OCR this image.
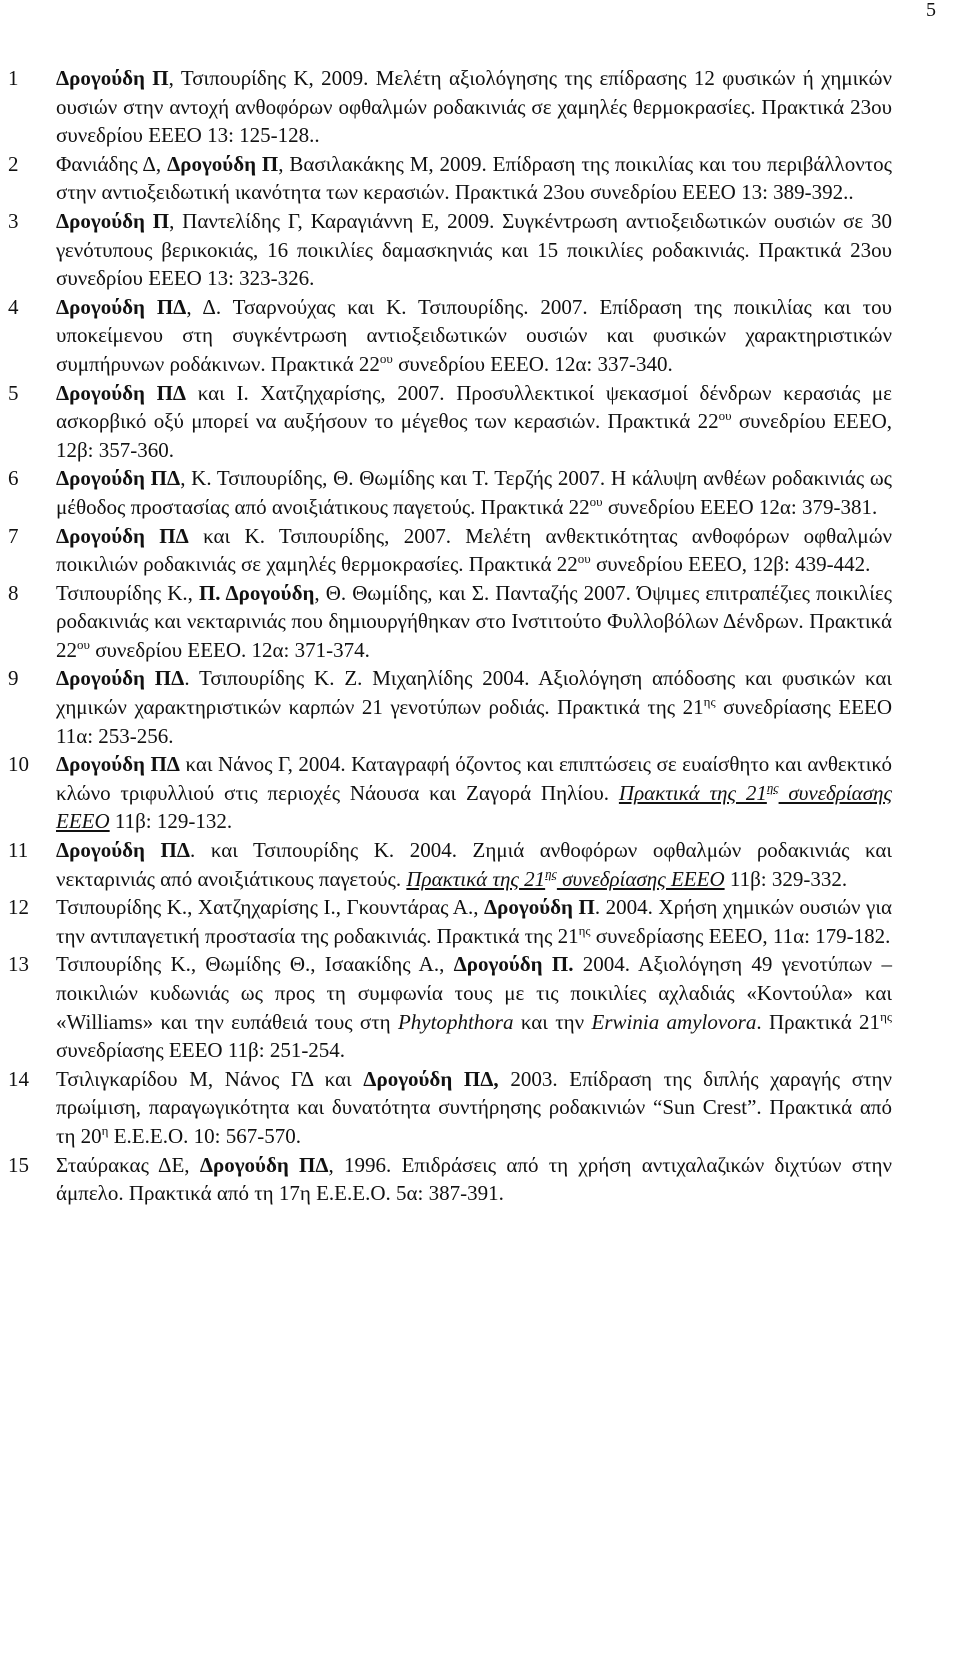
5
1	Δρογούδη Π, Τσιπουρίδης Κ, 2009. Μελέτη αξιολόγησης της επίδρασης 12 φυσικών ή χημικών ουσιών στην αντοχή ανθοφόρων οφθαλμών ροδακινιάς σε χαμηλές θερμοκρασίες. Πρακτικά 23ου συνεδρίου ΕΕΕΟ 13: 125-128..
2	Φανιάδης Δ, Δρογούδη Π, Βασιλακάκης Μ, 2009. Επίδραση της ποικιλίας και του περιβάλλοντος στην αντιοξειδωτική ικανότητα των κερασιών. Πρακτικά 23ου συνεδρίου ΕΕΕΟ 13: 389-392..
3	Δρογούδη Π, Παντελίδης Γ, Καραγιάννη Ε, 2009. Συγκέντρωση αντιοξειδωτικών ουσιών σε 30 γενότυπους βερικοκιάς, 16 ποικιλίες δαμασκηνιάς και 15 ποικιλίες ροδακινιάς. Πρακτικά 23ου συνεδρίου ΕΕΕΟ 13: 323-326.
4	Δρογούδη ΠΔ, Δ. Τσαρνούχας και Κ. Τσιπουρίδης. 2007. Επίδραση της ποικιλίας και του υποκείμενου στη συγκέντρωση αντιοξειδωτικών ουσιών και φυσικών χαρακτηριστικών συμπήρυνων ροδάκινων. Πρακτικά $22^{o\upsilon}$ συνεδρίου ΕΕΕΟ. 12α: 337-340.
5	Δρογούδη ΠΔ και Ι. Χατζηχαρίσης, 2007. Προσυλλεκτικοί ψεκασμοί δένδρων κερασιάς με ασκορβικό οξύ μπορεί να αυξήσουν το μέγεθος των κερασιών. Πρακτικά $22^{o\upsilon}$ συνεδρίου ΕΕΕΟ, 12β: 357-360.
6	Δρογούδη ΠΔ, Κ. Τσιπουρίδης, Θ. Θωμίδης και Τ. Τερζής 2007. Η κάλυψη ανθέων ροδακινιάς ως μέθοδος προστασίας από ανοιξιάτικους παγετούς. Πρακτικά $22^{o\upsilon}$ συνεδρίου ΕΕΕΟ 12α: 379-381.
7	Δρογούδη ΠΔ και Κ. Τσιπουρίδης, 2007. Μελέτη ανθεκτικότητας ανθοφόρων οφθαλμών ποικιλιών ροδακινιάς σε χαμηλές θερμοκρασίες. Πρακτικά $22^{o\upsilon}$ συνεδρίου ΕΕΕΟ, 12β: 439-442.
8	Τσιπουρίδης Κ., Π. Δρογούδη, Θ. Θωμίδης, και Σ. Πανταζής 2007. Όψιμες επιτραπέζιες ποικιλίες ροδακινιάς και νεκταρινιάς που δημιουργήθηκαν στο Ινστιτούτο Φυλλοβόλων Δένδρων. Πρακτικά $22^{o\upsilon}$ συνεδρίου ΕΕΕΟ. 12α: 371-374.
9	Δρογούδη ΠΔ. Τσιπουρίδης Κ. Ζ. Μιχαηλίδης 2004. Αξιολόγηση απόδοσης και φυσικών και χημικών χαρακτηριστικών καρπών 21 γενοτύπων ροδιάς. Πρακτικά της $21^{\eta\varsigma}$ συνεδρίασης ΕΕΕΟ 11α: 253-256.
10	Δρογούδη ΠΔ και Νάνος Γ, 2004. Καταγραφή όζοντος και επιπτώσεις σε ευαίσθητο και ανθεκτικό κλώνο τριφυλλιού στις περιοχές Νάουσα και Ζαγορά Πηλίου. Πρακτικά της $21^{\eta\varsigma}$ συνεδρίασης ΕΕΕΟ 11β: 129-132.
11	Δρογούδη ΠΔ. και Τσιπουρίδης Κ. 2004. Ζημιά ανθοφόρων οφθαλμών ροδακινιάς και νεκταρινιάς από ανοιξιάτικους παγετούς. Πρακτικά της $21^{\eta\varsigma}$ συνεδρίασης ΕΕΕΟ 11β: 329-332.
12	Τσιπουρίδης Κ., Χατζηχαρίσης Ι., Γκουντάρας Α., Δρογούδη Π. 2004. Χρήση χημικών ουσιών για την αντιπαγετική προστασία της ροδακινιάς. Πρακτικά της $21^{\eta\varsigma}$ συνεδρίασης ΕΕΕΟ, 11α: 179-182.
13	Τσιπουρίδης Κ., Θωμίδης Θ., Ισαακίδης Α., Δρογούδη Π. 2004. Αξιολόγηση 49 γενοτύπων –ποικιλιών κυδωνιάς ως προς τη συμφωνία τους με τις ποικιλίες αχλαδιάς «Κοντούλα» και «Williams» και την ευπάθειά τους στη Phytophthora και την Erwinia amylovora. Πρακτικά $21^{\eta\varsigma}$ συνεδρίασης ΕΕΕΟ 11β: 251-254.
14	Τσιλιγκαρίδου Μ, Νάνος ΓΔ και Δρογούδη ΠΔ, 2003. Επίδραση της διπλής χαραγής στην πρωίμιση, παραγωγικότητα και δυνατότητα συντήρησης ροδακινιών “Sun Crest”. Πρακτικά από τη $20^\eta$ Ε.Ε.Ε.Ο. 10: 567-570.
15	Σταύρακας ΔΕ, Δρογούδη ΠΔ, 1996. Επιδράσεις από τη χρήση αντιχαλαζικών διχτύων στην άμπελο. Πρακτικά από τη 17η Ε.Ε.Ε.Ο. 5α: 387-391.
